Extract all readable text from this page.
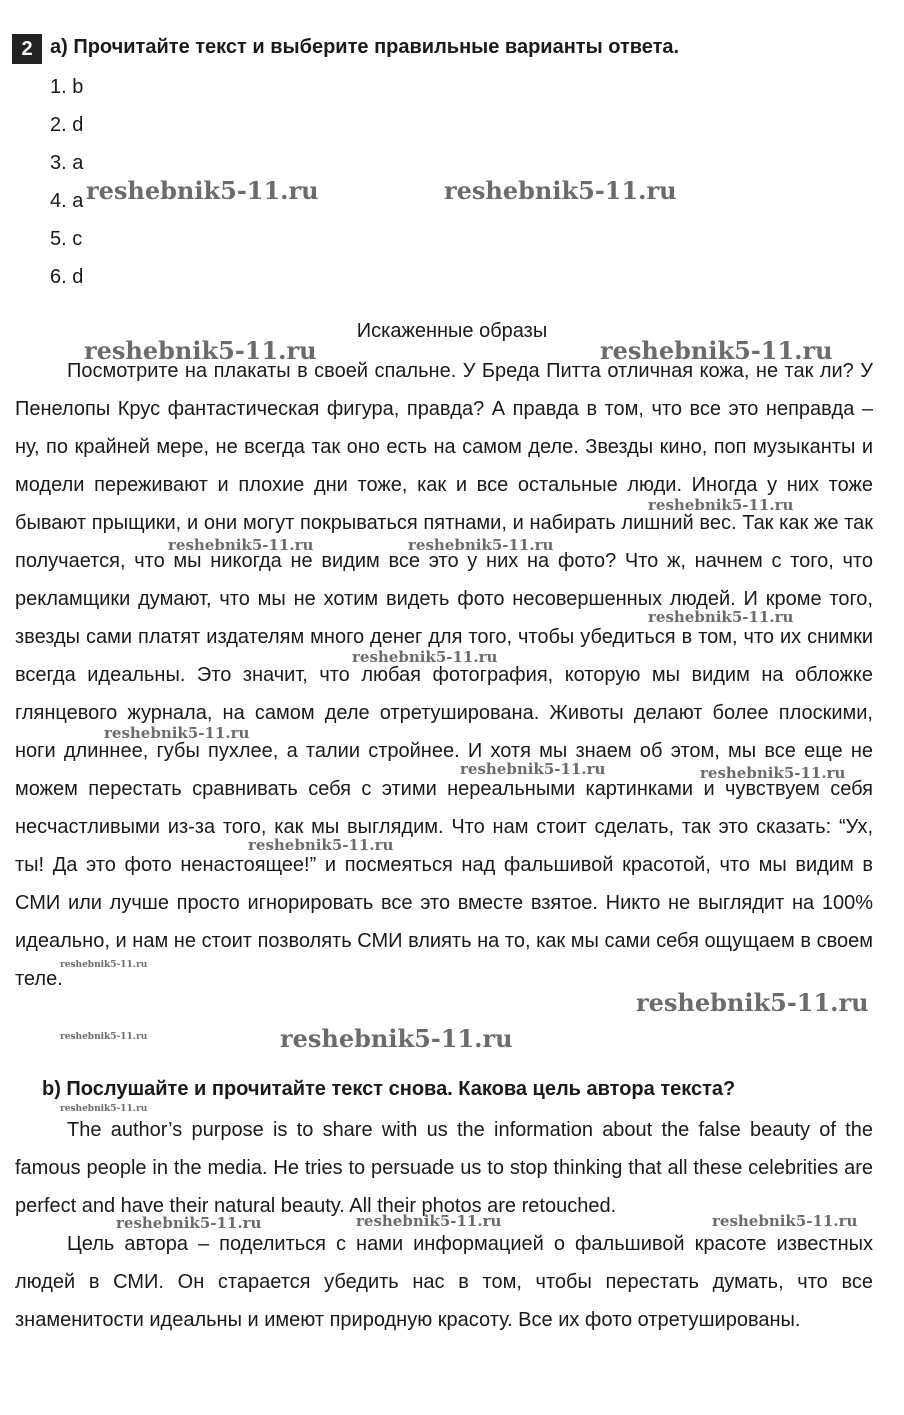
2 a) Прочитайте текст и выберите правильные варианты ответа.
1. b
2. d
3. a
4. a
5. c
6. d
Искаженные образы

Посмотрите на плакаты в своей спальне. У Бреда Питта отличная кожа, не так ли? У Пенелопы Крус фантастическая фигура, правда? А правда в том, что все это неправда – ну, по крайней мере, не всегда так оно есть на самом деле. Звезды кино, поп музыканты и модели переживают и плохие дни тоже, как и все остальные люди. Иногда у них тоже бывают прыщики, и они могут покрываться пятнами, и набирать лишний вес. Так как же так получается, что мы никогда не видим все это у них на фото? Что ж, начнем с того, что рекламщики думают, что мы не хотим видеть фото несовершенных людей. И кроме того, звезды сами платят издателям много денег для того, чтобы убедиться в том, что их снимки всегда идеальны. Это значит, что любая фотография, которую мы видим на обложке глянцевого журнала, на самом деле отретуширована. Животы делают более плоскими, ноги длиннее, губы пухлее, а талии стройнее. И хотя мы знаем об этом, мы все еще не можем перестать сравнивать себя с этими нереальными картинками и чувствуем себя несчастливыми из-за того, как мы выглядим. Что нам стоит сделать, так это сказать: “Ух, ты! Да это фото ненастоящее!” и посмеяться над фальшивой красотой, что мы видим в СМИ или лучше просто игнорировать все это вместе взятое. Никто не выглядит на 100% идеально, и нам не стоит позволять СМИ влиять на то, как мы сами себя ощущаем в своем теле.

b) Послушайте и прочитайте текст снова. Какова цель автора текста?

The author’s purpose is to share with us the information about the false beauty of the famous people in the media. He tries to persuade us to stop thinking that all these celebrities are perfect and have their natural beauty. All their photos are retouched.

Цель автора – поделиться с нами информацией о фальшивой красоте известных людей в СМИ. Он старается убедить нас в том, чтобы перестать думать, что все знаменитости идеальны и имеют природную красоту. Все их фото отретушированы.

reshebnik5-11.ru	reshebnik5-11.ru
reshebnik5-11.ru	reshebnik5-11.ru
reshebnik5-11.ru
reshebnik5-11.ru	reshebnik5-11.ru
reshebnik5-11.ru
reshebnik5-11.ru
reshebnik5-11.ru
reshebnik5-11.ru	reshebnik5-11.ru
reshebnik5-11.ru
reshebnik5-11.ru
reshebnik5-11.ru
reshebnik5-11.ru	reshebnik5-11.ru
reshebnik5-11.ru
reshebnik5-11.ru	reshebnik5-11.ru	reshebnik5-11.ru
